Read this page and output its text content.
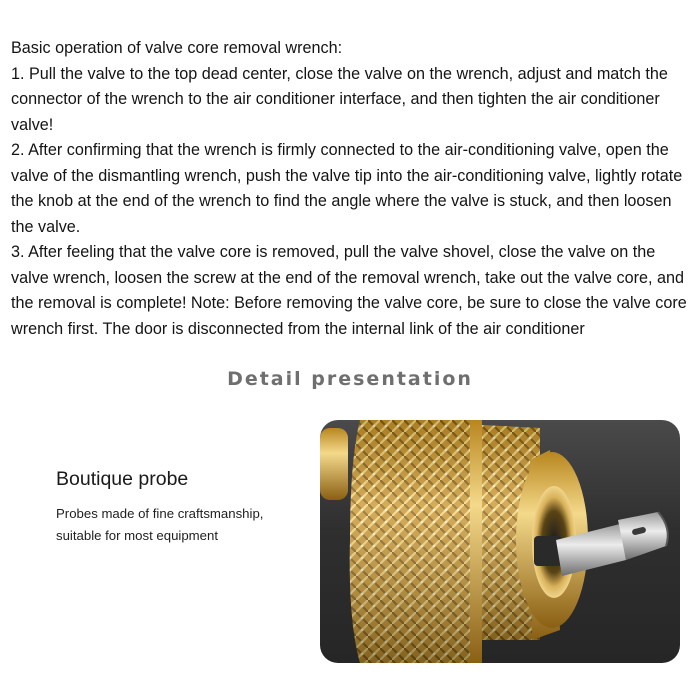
Basic operation of valve core removal wrench:

1. Pull the valve to the top dead center, close the valve on the wrench, adjust and match the connector of the wrench to the air conditioner interface, and then tighten the air conditioner valve!

2. After confirming that the wrench is firmly connected to the air-conditioning valve, open the valve of the dismantling wrench, push the valve tip into the air-conditioning valve, lightly rotate the knob at the end of the wrench to find the angle where the valve is stuck, and then loosen the valve.

3. After feeling that the valve core is removed, pull the valve shovel, close the valve on the valve wrench, loosen the screw at the end of the removal wrench, take out the valve core, and the removal is complete! Note: Before removing the valve core, be sure to close the valve core wrench first. The door is disconnected from the internal link of the air conditioner

Detail presentation

Boutique probe

Probes made of fine craftsmanship,
suitable for most equipment
